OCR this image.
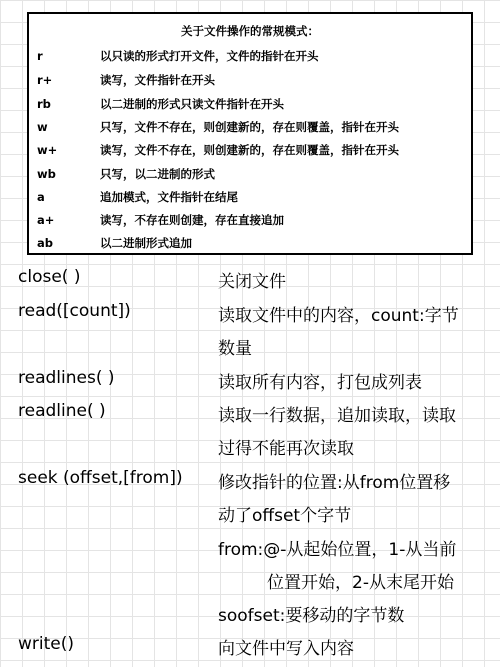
关于文件操作的常规模式：
r	以只读的形式打开文件，文件的指针在开头
r+	读写，文件指针在开头
rb	以二进制的形式只读文件指针在开头
w	只写，文件不存在，则创建新的，存在则覆盖，指针在开头
w+	读写，文件不存在，则创建新的，存在则覆盖，指针在开头
wb	只写，以二进制的形式
a	追加模式，文件指针在结尾
a+	读写，不存在则创建，存在直接追加
ab	以二进制形式追加
close( )	关闭文件
read([count])	读取文件中的内容，count:字节
数量
readlines( )	读取所有内容，打包成列表
readline( )	读取一行数据，追加读取，读取
过得不能再次读取
seek (offset,[from]) 修改指针的位置:从from位置移
动了offset个字节
from:@-从起始位置，1-从当前
位置开始，2-从末尾开始
soofset:要移动的字节数
write()	向文件中写入内容
